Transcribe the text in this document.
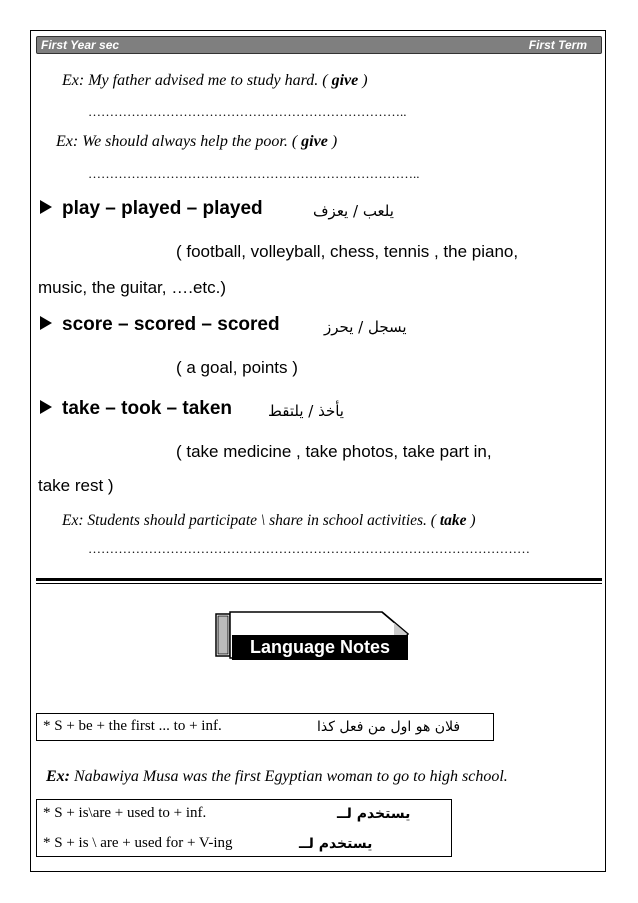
First Year sec	First Term
Ex: My father advised me to study hard. ( give )
………………………………………………………………..
Ex: We should always help the poor. ( give )
…………………………………………………………………..
play – played – played	يلعب / يعزف
( football, volleyball, chess, tennis , the piano,
music, the guitar, ….etc.)
score – scored – scored	يسجل / يحرز
( a goal, points )
take – took – taken يأخذ / يلتقط
( take medicine , take photos, take part in,
take rest )
Ex: Students should participate \ share in school activities. ( take )
…………………………………………………………………………………………
Language Notes
* S + be + the first ... to + inf.	فلان هو اول من فعل كذا
Ex: Nabawiya Musa was the first Egyptian woman to go to high school.
* S + is\are + used to + inf.	يستخدم لــ
* S + is \ are + used for + V-ing	يستخدم لــ
